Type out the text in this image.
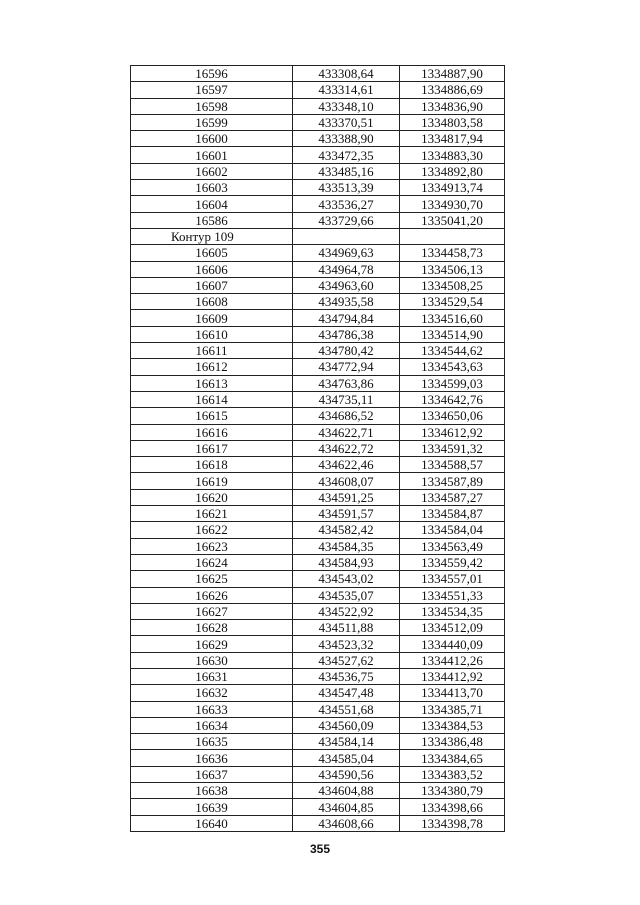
16596	433308,64	1334887,90
16597	433314,61	1334886,69
16598	433348,10	1334836,90
16599	433370,51	1334803,58
16600	433388,90	1334817,94
16601	433472,35	1334883,30
16602	433485,16	1334892,80
16603	433513,39	1334913,74
16604	433536,27	1334930,70
16586	433729,66	1335041,20
Контур 109		
16605	434969,63	1334458,73
16606	434964,78	1334506,13
16607	434963,60	1334508,25
16608	434935,58	1334529,54
16609	434794,84	1334516,60
16610	434786,38	1334514,90
16611	434780,42	1334544,62
16612	434772,94	1334543,63
16613	434763,86	1334599,03
16614	434735,11	1334642,76
16615	434686,52	1334650,06
16616	434622,71	1334612,92
16617	434622,72	1334591,32
16618	434622,46	1334588,57
16619	434608,07	1334587,89
16620	434591,25	1334587,27
16621	434591,57	1334584,87
16622	434582,42	1334584,04
16623	434584,35	1334563,49
16624	434584,93	1334559,42
16625	434543,02	1334557,01
16626	434535,07	1334551,33
16627	434522,92	1334534,35
16628	434511,88	1334512,09
16629	434523,32	1334440,09
16630	434527,62	1334412,26
16631	434536,75	1334412,92
16632	434547,48	1334413,70
16633	434551,68	1334385,71
16634	434560,09	1334384,53
16635	434584,14	1334386,48
16636	434585,04	1334384,65
16637	434590,56	1334383,52
16638	434604,88	1334380,79
16639	434604,85	1334398,66
16640	434608,66	1334398,78
355
